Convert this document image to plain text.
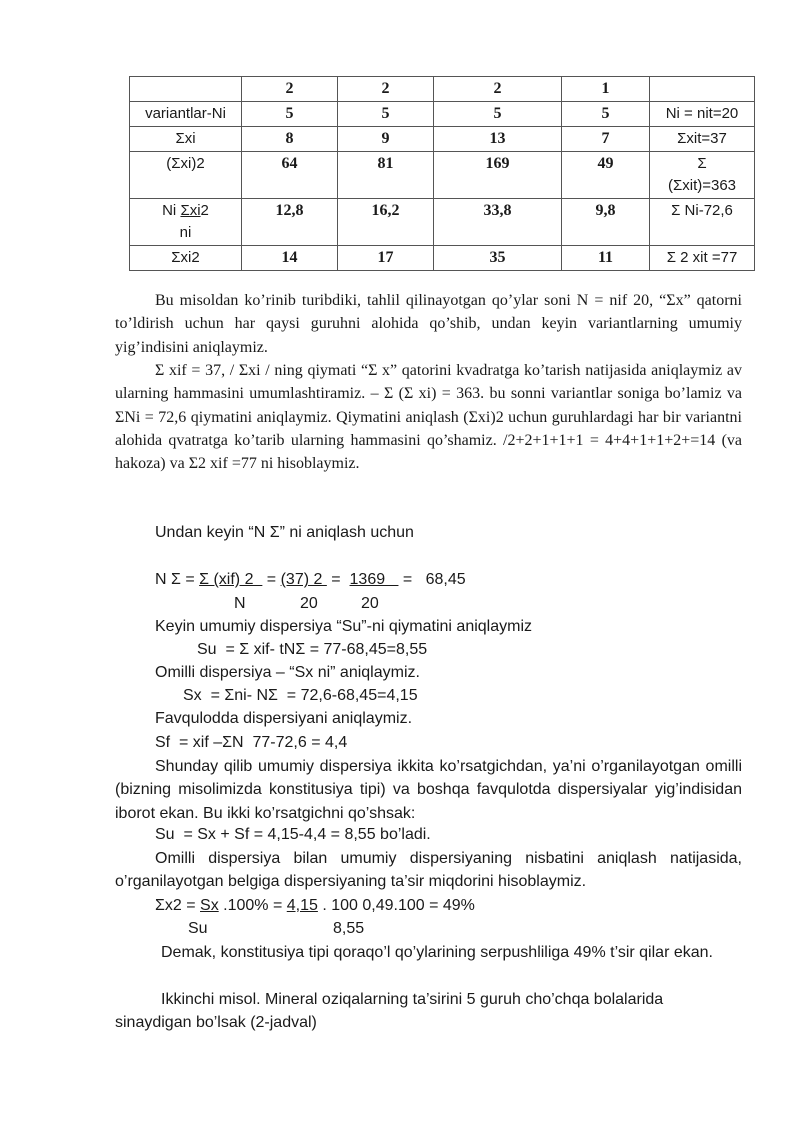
	2	2	2	1	
variantlar-Ni	5	5	5	5	Ni = nit=20
Σxi	8	9	13	7	Σxit=37
(Σxi)2	64	81	169	49	Σ
(Σxit)=363
Ni Σxi2
ni	12,8	16,2	33,8	9,8	Σ Ni-72,6
Σxi2	14	17	35	11	Σ 2 xit =77

Bu misoldan ko’rinib turibdiki, tahlil qilinayotgan qo’ylar soni N = nif 20, “Σx” qatorni to’ldirish uchun har qaysi guruhni alohida qo’shib, undan keyin variantlarning umumiy yig’indisini aniqlaymiz.

Σ xif = 37, / Σxi / ning qiymati “Σ x” qatorini kvadratga ko’tarish natijasida aniqlaymiz av ularning hammasini umumlashtiramiz. – Σ (Σ xi) = 363. bu sonni variantlar soniga bo’lamiz va ΣNi = 72,6 qiymatini aniqlaymiz. Qiymatini aniqlash (Σxi)2 uchun guruhlardagi har bir variantni alohida qvatratga ko’tarib ularning hammasini qo’shamiz. /2+2+1+1+1 = 4+4+1+1+2+=14 (va hakoza) va Σ2 xif =77 ni hisoblaymiz.

Undan keyin “N Σ” ni aniqlash uchun

N Σ = Σ (xif) 2   = (37) 2  =  1369    =   68,45
N	20	20

Keyin umumiy dispersiya “Su”-ni qiymatini aniqlaymiz

Su  = Σ xif- tNΣ = 77-68,45=8,55

Omilli dispersiya – “Sx ni” aniqlaymiz.

Sx  = Σni- NΣ  = 72,6-68,45=4,15

Favqulodda dispersiyani aniqlaymiz.

Sf  = xif –ΣN  77-72,6 = 4,4

Shunday qilib umumiy dispersiya ikkita ko’rsatgichdan, ya’ni o’rganilayotgan omilli (bizning misolimizda konstitusiya tipi) va boshqa favqulotda dispersiyalar yig’indisidan iborot ekan. Bu ikki ko’rsatgichni qo’shsak:

Su  = Sx + Sf = 4,15-4,4 = 8,55 bo’ladi.

Omilli dispersiya bilan umumiy dispersiyaning nisbatini aniqlash natijasida, o’rganilayotgan belgiga dispersiyaning ta’sir miqdorini hisoblaymiz.

Σx2 = Sx .100% = 4,15 . 100 0,49.100 = 49%
Su	8,55

Demak, konstitusiya tipi qoraqo’l qo’ylarining serpushliliga 49% t’sir qilar ekan.

Ikkinchi misol. Mineral oziqalarning ta’sirini 5 guruh cho’chqa bolalarida sinaydigan bo’lsak (2-jadval)
